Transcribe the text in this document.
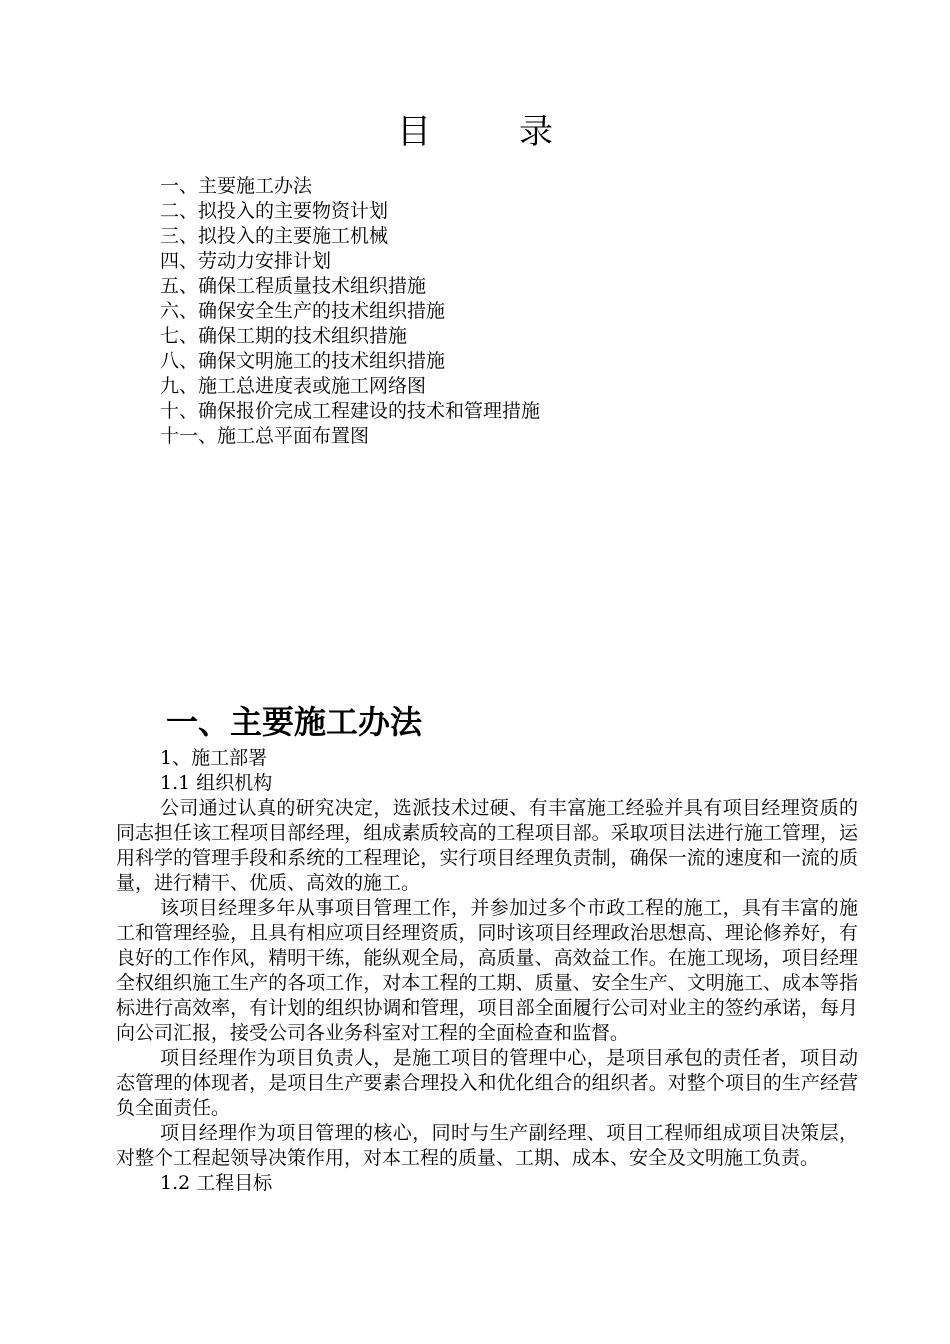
目	录
一、主要施工办法
二、拟投入的主要物资计划
三、拟投入的主要施工机械
四、劳动力安排计划
五、确保工程质量技术组织措施
六、确保安全生产的技术组织措施
七、确保工期的技术组织措施
八、确保文明施工的技术组织措施
九、施工总进度表或施工网络图
十、确保报价完成工程建设的技术和管理措施
十一、施工总平面布置图
一、主要施工办法
1、施工部署
1.1 组织机构

公司通过认真的研究决定，选派技术过硬、有丰富施工经验并具有项目经理资质的同志担任该工程项目部经理，组成素质较高的工程项目部。采取项目法进行施工管理，运用科学的管理手段和系统的工程理论，实行项目经理负责制，确保一流的速度和一流的质量，进行精干、优质、高效的施工。

该项目经理多年从事项目管理工作，并参加过多个市政工程的施工，具有丰富的施工和管理经验，且具有相应项目经理资质，同时该项目经理政治思想高、理论修养好，有良好的工作作风，精明干练，能纵观全局，高质量、高效益工作。在施工现场，项目经理全权组织施工生产的各项工作，对本工程的工期、质量、安全生产、文明施工、成本等指标进行高效率，有计划的组织协调和管理，项目部全面履行公司对业主的签约承诺，每月向公司汇报，接受公司各业务科室对工程的全面检查和监督。

项目经理作为项目负责人，是施工项目的管理中心，是项目承包的责任者，项目动态管理的体现者，是项目生产要素合理投入和优化组合的组织者。对整个项目的生产经营负全面责任。

项目经理作为项目管理的核心，同时与生产副经理、项目工程师组成项目决策层，对整个工程起领导决策作用，对本工程的质量、工期、成本、安全及文明施工负责。

1.2 工程目标
